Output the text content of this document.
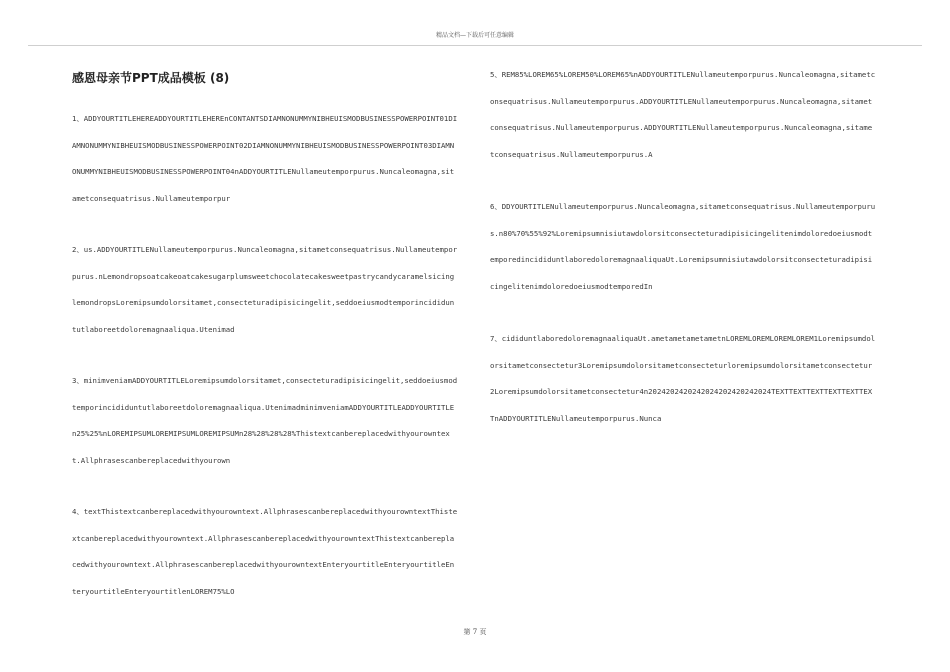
精品文档—下载后可任意编辑
感恩母亲节PPT成品模板 (8)

1、ADDYOURTITLEHEREADDYOURTITLEHEREnCONTANTSDIAMNONUMMYNIBHEUISMODBUSINESSPOWERPOINT01DIAMNONUMMYNIBHEUISMODBUSINESSPOWERPOINT02DIAMNONUMMYNIBHEUISMODBUSINESSPOWERPOINT03DIAMNONUMMYNIBHEUISMODBUSINESSPOWERPOINT04nADDYOURTITLENullameutemporpurus.Nuncaleomagna,sitametconsequatrisus.Nullameutemporpur

2、us.ADDYOURTITLENullameutemporpurus.Nuncaleomagna,sitametconsequatrisus.Nullameutemporpurus.nLemondropsoatcakeoatcakesugarplumsweetchocolatecakesweetpastrycandycaramelsicinglemondropsLoremipsumdolorsitamet,consecteturadipisicingelit,seddoeiusmodtemporincididuntutlaboreetdoloremagnaaliqua.Utenimad

3、minimveniamADDYOURTITLELoremipsumdolorsitamet,consecteturadipisicingelit,seddoeiusmodtemporincididuntutlaboreetdoloremagnaaliqua.UtenimadminimveniamADDYOURTITLEADDYOURTITLEn25%25%nLOREMIPSUMLOREMIPSUMLOREMIPSUMn28%28%28%28%Thistextcanbereplacedwithyourowntext.Allphrasescanbereplacedwithyourown

4、textThistextcanbereplacedwithyourowntext.AllphrasescanbereplacedwithyourowntextThistextcanbereplacedwithyourowntext.AllphrasescanbereplacedwithyourowntextThistextcanbereplacedwithyourowntext.AllphrasescanbereplacedwithyourowntextEnteryourtitleEnteryourtitleEnteryourtitleEnteryourtitlenLOREM75%LO

5、REM85%LOREM65%LOREM50%LOREM65%nADDYOURTITLENullameutemporpurus.Nuncaleomagna,sitametconsequatrisus.Nullameutemporpurus.ADDYOURTITLENullameutemporpurus.Nuncaleomagna,sitametconsequatrisus.Nullameutemporpurus.ADDYOURTITLENullameutemporpurus.Nuncaleomagna,sitametconsequatrisus.Nullameutemporpurus.A

6、DDYOURTITLENullameutemporpurus.Nuncaleomagna,sitametconsequatrisus.Nullameutemporpurus.n80%70%55%92%LoremipsumnisiutawdolorsitconsecteturadipisicingelitenimdoloredoeiusmodtemporedincididuntlaboredoloremagnaaliquaUt.LoremipsumnisiutawdolorsitconsecteturadipisicingelitenimdoloredoeiusmodtemporedIn

7、cididuntlaboredoloremagnaaliquaUt.ametametametametnLOREMLOREMLOREMLOREM1Loremipsumdolorsitametconsectetur3Loremipsumdolorsitametconsecteturloremipsumdolorsitametconsectetur2Loremipsumdolorsitametconsectetur4n2024202420242024202420242024TEXTTEXTTEXTTEXTTEXTTEXTnADDYOURTITLENullameutemporpurus.Nunca

第 7 页
